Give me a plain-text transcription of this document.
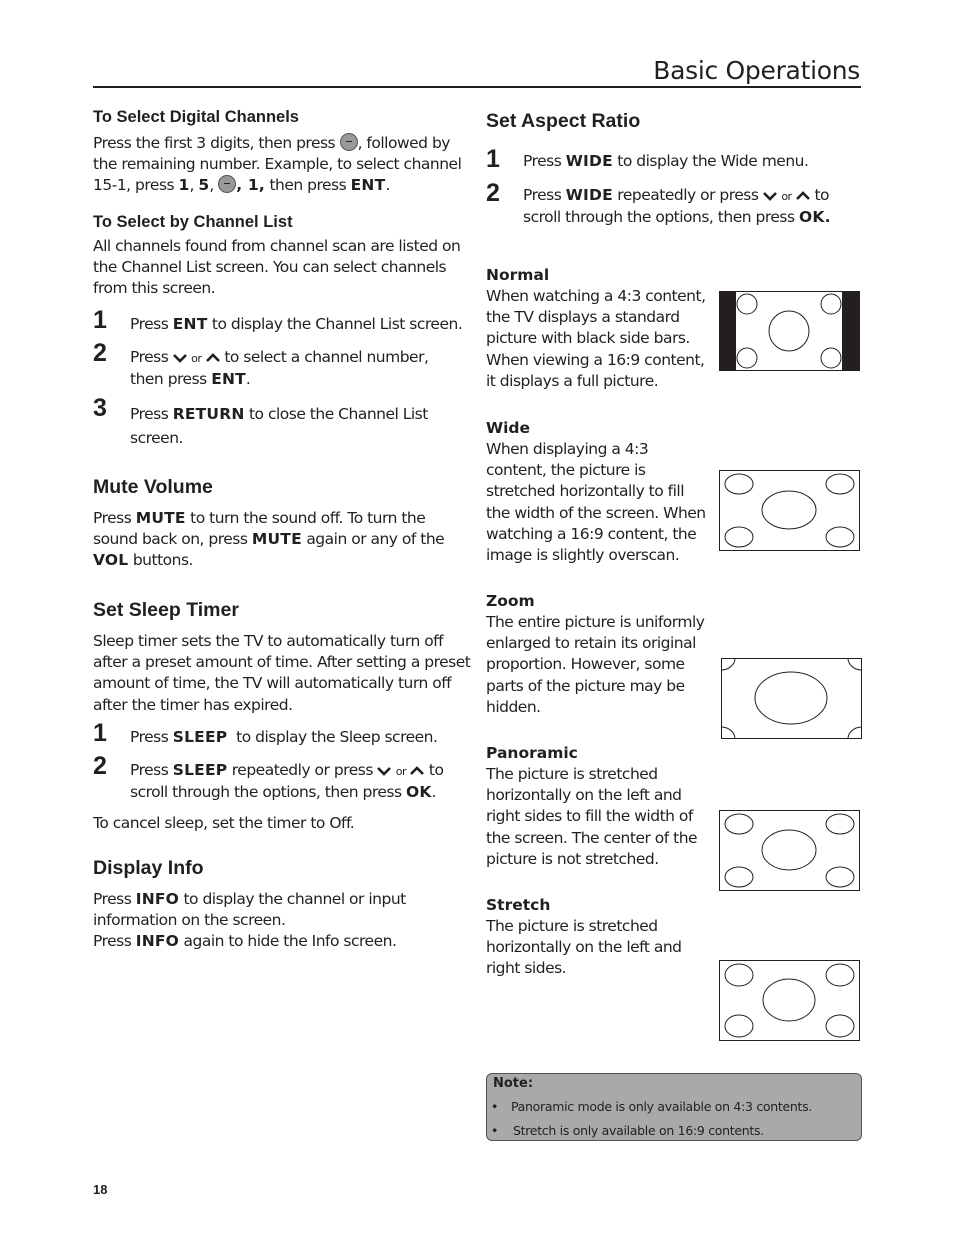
Basic Operations
To Select Digital Channels
Press the first 3 digits, then press , followed by
the remaining number. Example, to select channel
15-1, press 1, 5, , 1, then press ENT.
To Select by Channel List
All channels found from channel scan are listed on
the Channel List screen. You can select channels
from this screen.
1 Press ENT to display the Channel List screen.
2 Press or to select a channel number,
then press ENT.
3 Press RETURN to close the Channel List
screen.
Mute Volume
Press MUTE to turn the sound off. To turn the
sound back on, press MUTE again or any of the
VOL buttons.
Set Sleep Timer
Sleep timer sets the TV to automatically turn off
after a preset amount of time. After setting a preset
amount of time, the TV will automatically turn off
after the timer has expired.
1 Press SLEEP to display the Sleep screen.
2 Press SLEEP repeatedly or press or to
scroll through the options, then press OK.
To cancel sleep, set the timer to Off.
Display Info
Press INFO to display the channel or input
information on the screen.
Press INFO again to hide the Info screen.
Set Aspect Ratio
1 Press WIDE to display the Wide menu.
2 Press WIDE repeatedly or press or to
scroll through the options, then press OK.
Normal
When watching a 4:3 content,
the TV displays a standard
picture with black side bars.
When viewing a 16:9 content,
it displays a full picture.
Wide
When displaying a 4:3
content, the picture is
stretched horizontally to fill
the width of the screen. When
watching a 16:9 content, the
image is slightly overscan.
Zoom
The entire picture is uniformly
enlarged to retain its original
proportion. However, some
parts of the picture may be
hidden.
Panoramic
The picture is stretched
horizontally on the left and
right sides to fill the width of
the screen. The center of the
picture is not stretched.
Stretch
The picture is stretched
horizontally on the left and
right sides.
Note:
• Panoramic mode is only available on 4:3 contents.
• Stretch is only available on 16:9 contents.
18
